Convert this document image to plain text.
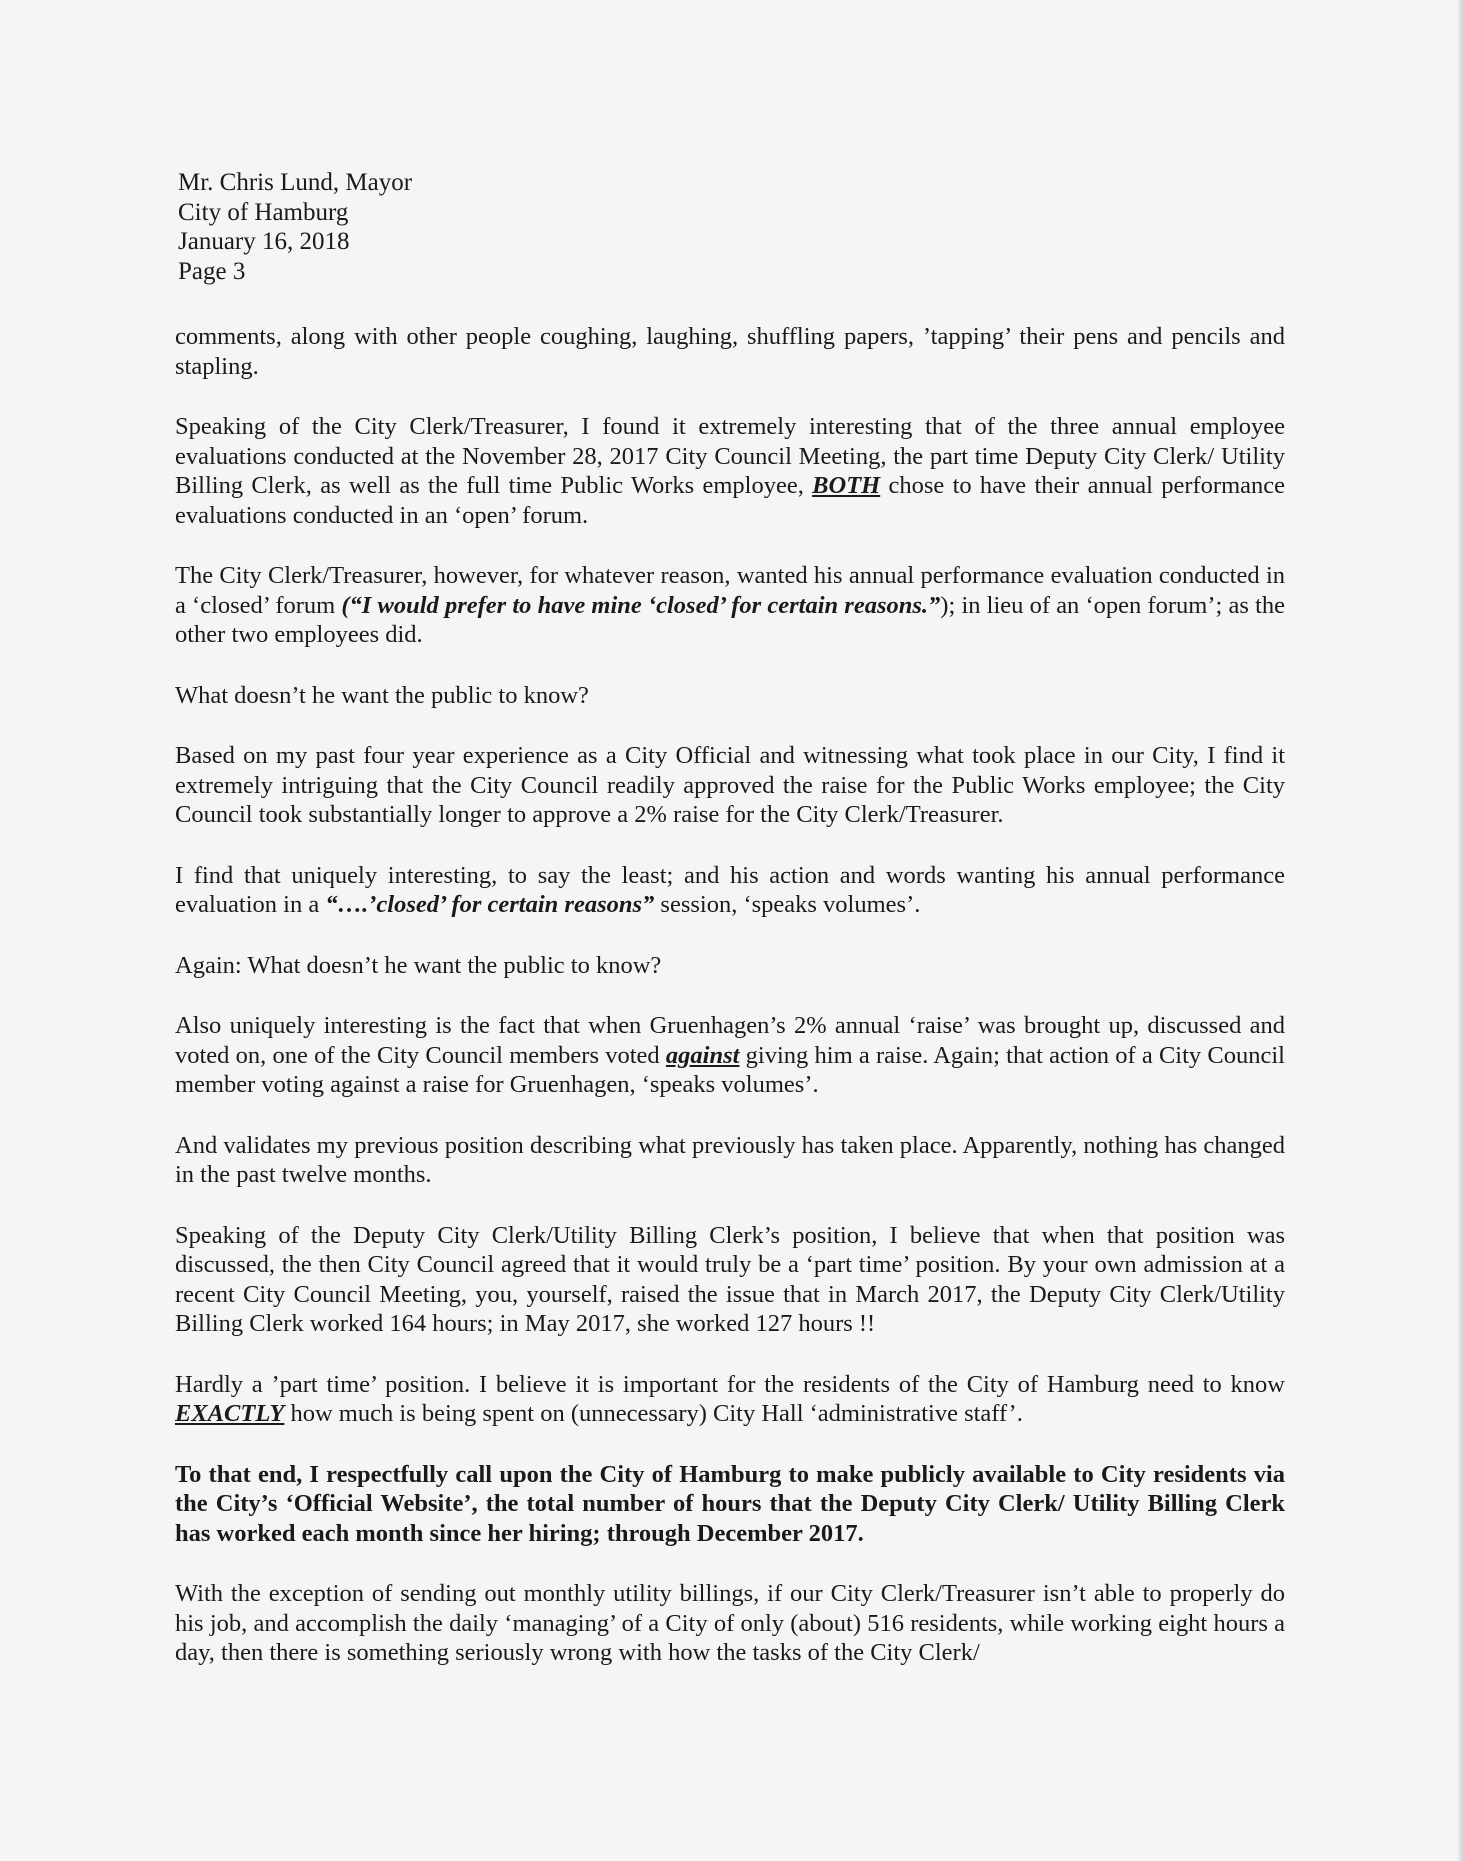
Mr. Chris Lund, Mayor
City of Hamburg
January 16, 2018
Page 3

comments, along with other people coughing, laughing, shuffling papers, ’tapping’ their pens and pencils and stapling.

Speaking of the City Clerk/Treasurer, I found it extremely interesting that of the three annual employee evaluations conducted at the November 28, 2017 City Council Meeting, the part time Deputy City Clerk/ Utility Billing Clerk, as well as the full time Public Works employee, BOTH chose to have their annual performance evaluations conducted in an ‘open’ forum.

The City Clerk/Treasurer, however, for whatever reason, wanted his annual performance evaluation conducted in a ‘closed’ forum (“I would prefer to have mine ‘closed’ for certain reasons.”); in lieu of an ‘open forum’; as the other two employees did.

What doesn’t he want the public to know?

Based on my past four year experience as a City Official and witnessing what took place in our City, I find it extremely intriguing that the City Council readily approved the raise for the Public Works employee; the City Council took substantially longer to approve a 2% raise for the City Clerk/Treasurer.

I find that uniquely interesting, to say the least; and his action and words wanting his annual performance evaluation in a “….’closed’ for certain reasons” session, ‘speaks volumes’.

Again: What doesn’t he want the public to know?

Also uniquely interesting is the fact that when Gruenhagen’s 2% annual ‘raise’ was brought up, discussed and voted on, one of the City Council members voted against giving him a raise. Again; that action of a City Council member voting against a raise for Gruenhagen, ‘speaks volumes’.

And validates my previous position describing what previously has taken place. Apparently, nothing has changed in the past twelve months.

Speaking of the Deputy City Clerk/Utility Billing Clerk’s position, I believe that when that position was discussed, the then City Council agreed that it would truly be a ‘part time’ position. By your own admission at a recent City Council Meeting, you, yourself, raised the issue that in March 2017, the Deputy City Clerk/Utility Billing Clerk worked 164 hours; in May 2017, she worked 127 hours !!

Hardly a ’part time’ position. I believe it is important for the residents of the City of Hamburg need to know EXACTLY how much is being spent on (unnecessary) City Hall ‘administrative staff’.

To that end, I respectfully call upon the City of Hamburg to make publicly available to City residents via the City’s ‘Official Website’, the total number of hours that the Deputy City Clerk/ Utility Billing Clerk has worked each month since her hiring; through December 2017.

With the exception of sending out monthly utility billings, if our City Clerk/Treasurer isn’t able to properly do his job, and accomplish the daily ‘managing’ of a City of only (about) 516 residents, while working eight hours a day, then there is something seriously wrong with how the tasks of the City Clerk/
